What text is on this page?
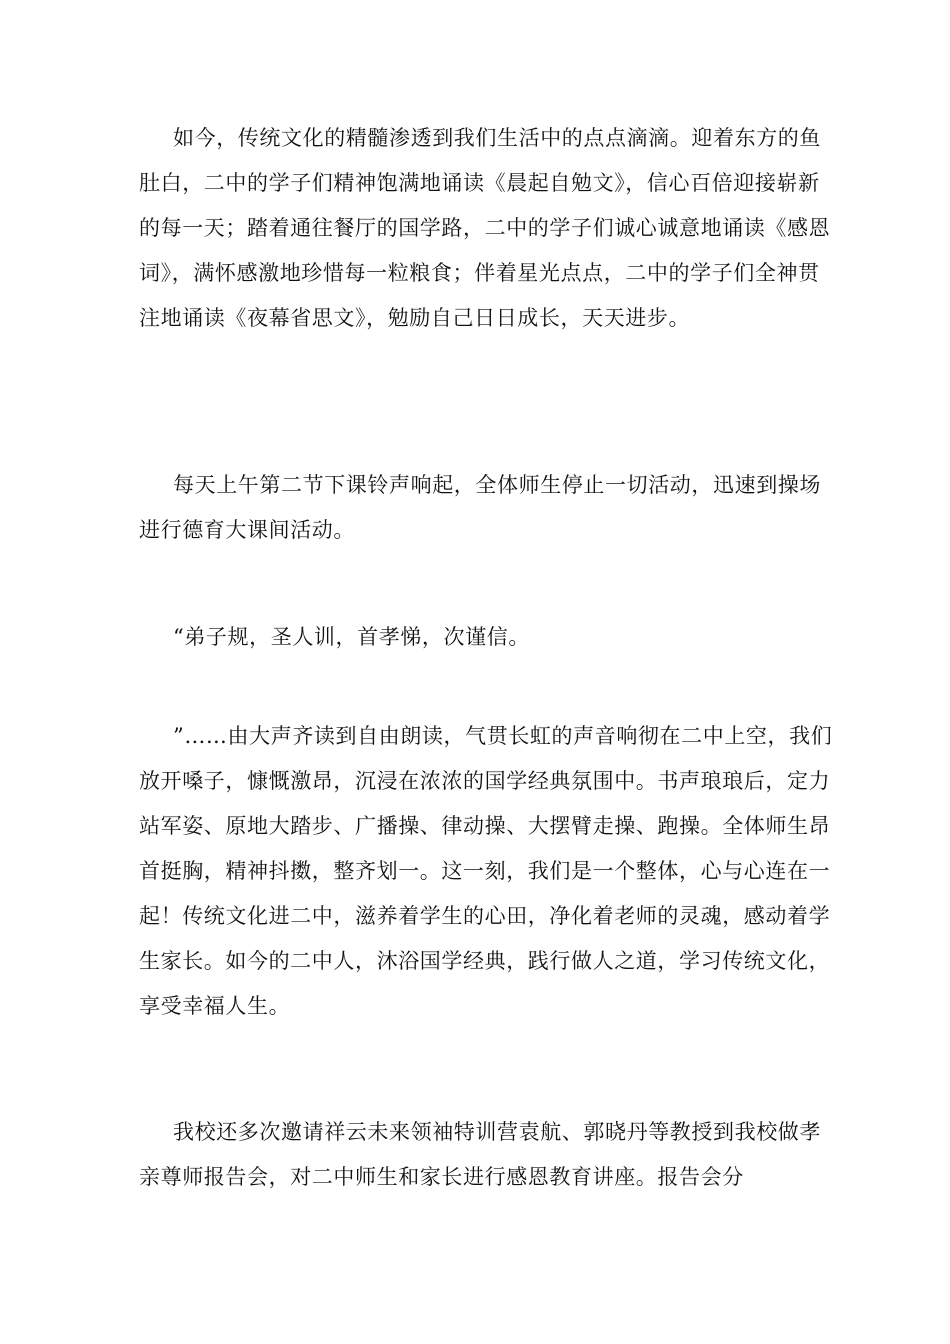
如今，传统文化的精髓渗透到我们生活中的点点滴滴。迎着东方的鱼肚白，二中的学子们精神饱满地诵读《晨起自勉文》，信心百倍迎接崭新的每一天；踏着通往餐厅的国学路，二中的学子们诚心诚意地诵读《感恩词》，满怀感激地珍惜每一粒粮食；伴着星光点点，二中的学子们全神贯注地诵读《夜幕省思文》，勉励自己日日成长，天天进步。

每天上午第二节下课铃声响起，全体师生停止一切活动，迅速到操场进行德育大课间活动。

“弟子规，圣人训，首孝悌，次谨信。

”……由大声齐读到自由朗读，气贯长虹的声音响彻在二中上空，我们放开嗓子，慷慨激昂，沉浸在浓浓的国学经典氛围中。书声琅琅后，定力站军姿、原地大踏步、广播操、律动操、大摆臂走操、跑操。全体师生昂首挺胸，精神抖擞，整齐划一。这一刻，我们是一个整体，心与心连在一起！传统文化进二中，滋养着学生的心田，净化着老师的灵魂，感动着学生家长。如今的二中人，沐浴国学经典，践行做人之道，学习传统文化，享受幸福人生。

我校还多次邀请祥云未来领袖特训营袁航、郭晓丹等教授到我校做孝亲尊师报告会，对二中师生和家长进行感恩教育讲座。报告会分
